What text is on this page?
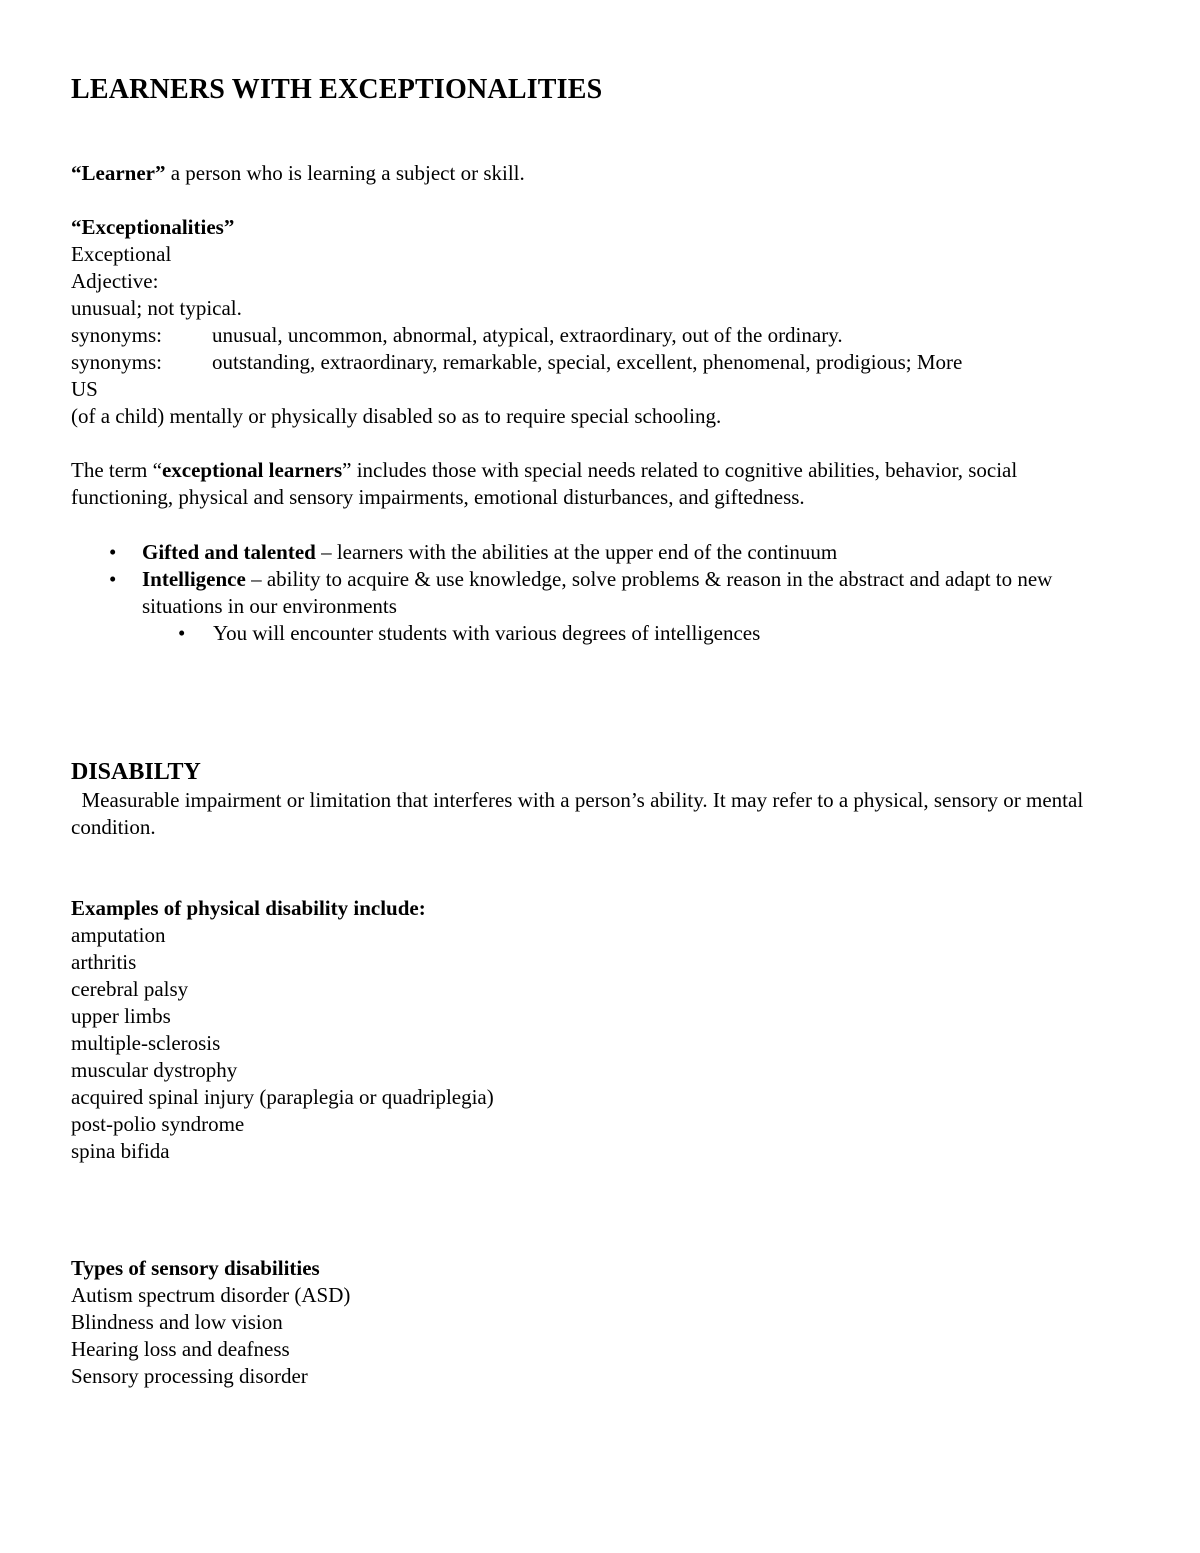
LEARNERS WITH EXCEPTIONALITIES
“Learner” a person who is learning a subject or skill.
“Exceptionalities”
Exceptional
Adjective:
unusual; not typical.
synonyms:	unusual, uncommon, abnormal, atypical, extraordinary, out of the ordinary.
synonyms:	outstanding, extraordinary, remarkable, special, excellent, phenomenal, prodigious; More
US
(of a child) mentally or physically disabled so as to require special schooling.
The term “exceptional learners” includes those with special needs related to cognitive abilities, behavior, social functioning, physical and sensory impairments, emotional disturbances, and giftedness.
• Gifted and talented – learners with the abilities at the upper end of the continuum
• Intelligence – ability to acquire & use knowledge, solve problems & reason in the abstract and adapt to new situations in our environments
• You will encounter students with various degrees of intelligences
DISABILTY
Measurable impairment or limitation that interferes with a person’s ability. It may refer to a physical, sensory or mental condition.
Examples of physical disability include:
amputation
arthritis
cerebral palsy
upper limbs
multiple-sclerosis
muscular dystrophy
acquired spinal injury (paraplegia or quadriplegia)
post-polio syndrome
spina bifida
Types of sensory disabilities
Autism spectrum disorder (ASD)
Blindness and low vision
Hearing loss and deafness
Sensory processing disorder
